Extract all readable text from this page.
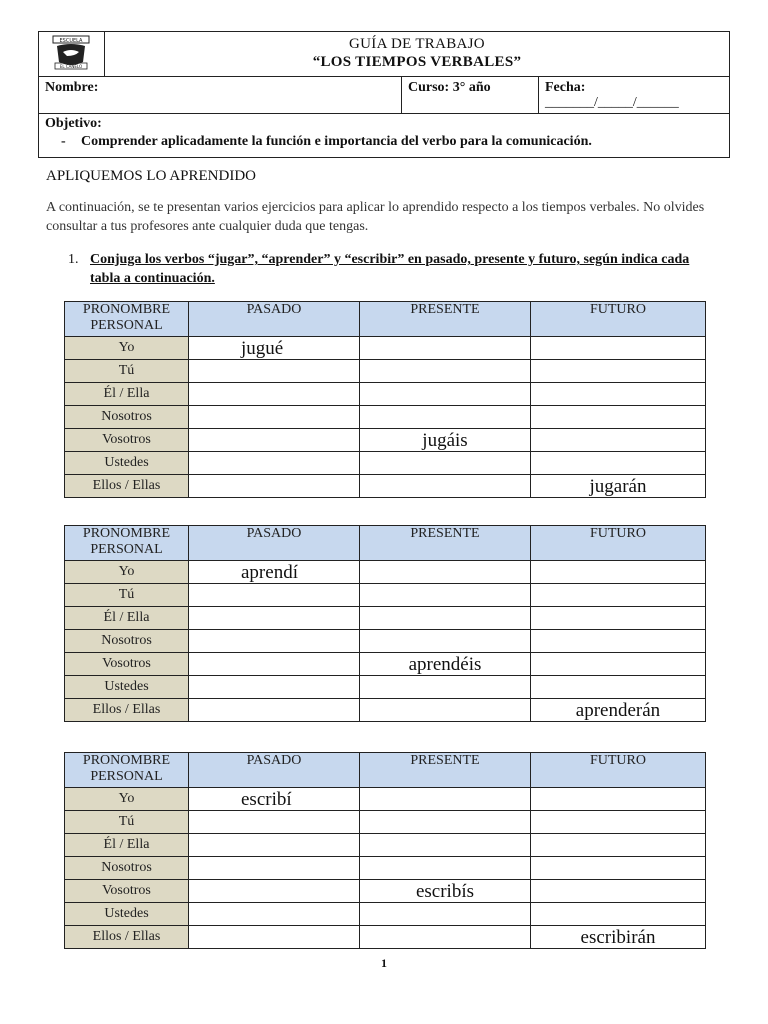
ESCUELA
EL CANELO
GUÍA DE TRABAJO
“LOS TIEMPOS VERBALES”
Nombre:	Curso: 3° año	Fecha:
_______/_____/______
Objetivo:
- Comprender aplicadamente la función e importancia del verbo para la comunicación.
APLIQUEMOS LO APRENDIDO
A continuación, se te presentan varios ejercicios para aplicar lo aprendido respecto a los tiempos verbales. No olvides consultar a tus profesores ante cualquier duda que tengas.
1. Conjuga los verbos “jugar”, “aprender” y “escribir” en pasado, presente y futuro, según indica cada tabla a continuación.
PRONOMBRE PERSONAL	PASADO	PRESENTE	FUTURO
Yo	jugué		
Tú			
Él / Ella			
Nosotros			
Vosotros		jugáis	
Ustedes			
Ellos / Ellas			jugarán
PRONOMBRE PERSONAL	PASADO	PRESENTE	FUTURO
Yo	aprendí		
Tú			
Él / Ella			
Nosotros			
Vosotros		aprendéis	
Ustedes			
Ellos / Ellas			aprenderán
PRONOMBRE PERSONAL	PASADO	PRESENTE	FUTURO
Yo	escribí		
Tú			
Él / Ella			
Nosotros			
Vosotros		escribís	
Ustedes			
Ellos / Ellas			escribirán
1
